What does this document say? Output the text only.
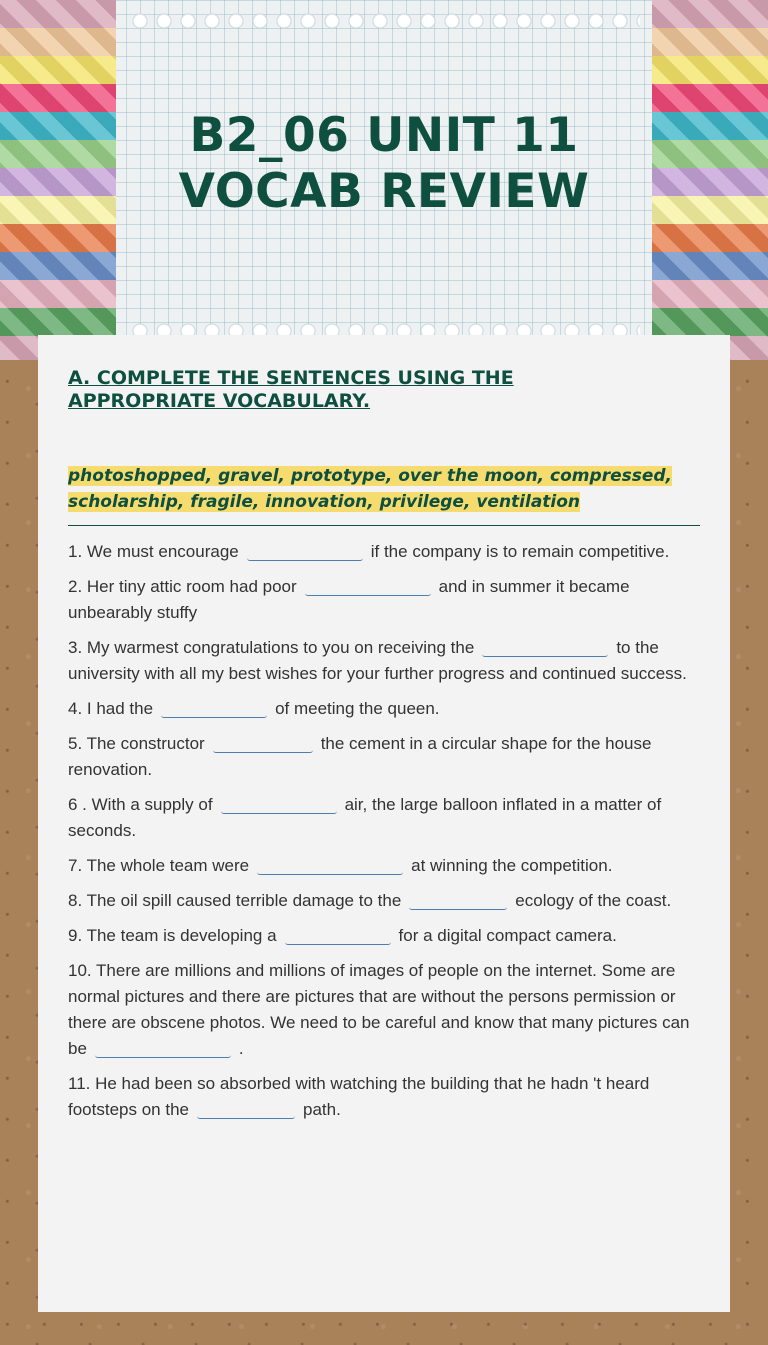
B2_06 UNIT 11 VOCAB REVIEW
A. COMPLETE THE SENTENCES USING THE APPROPRIATE VOCABULARY.
photoshopped, gravel, prototype, over the moon, compressed, scholarship, fragile, innovation, privilege, ventilation

1. We must encourage	if the company is to remain competitive.

2. Her tiny attic room had poor	and in summer it became unbearably stuffy

3. My warmest congratulations to you on receiving the	to the university with all my best wishes for your further progress and continued success.

4. I had the	of meeting the queen.

5. The constructor	the cement in a circular shape for the house renovation.

6 . With a supply of	air, the large balloon inflated in a matter of seconds.

7. The whole team were	at winning the competition.

8. The oil spill caused terrible damage to the	ecology of the coast.

9. The team is developing a	for a digital compact camera.

10. There are millions and millions of images of people on the internet. Some are normal pictures and there are pictures that are without the persons permission or there are obscene photos. We need to be careful and know that many pictures can be	.

11. He had been so absorbed with watching the building that he hadn 't heard footsteps on the	path.
